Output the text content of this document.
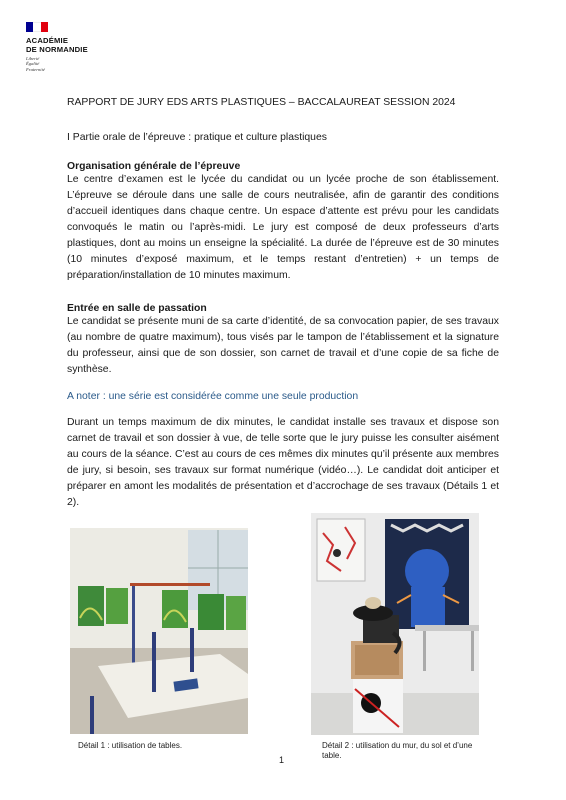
ACADÉMIE
DE NORMANDIE
Liberté
Égalité
Fraternité

RAPPORT DE JURY EDS ARTS PLASTIQUES – BACCALAUREAT SESSION 2024

I Partie orale de l’épreuve : pratique et culture plastiques

Organisation générale de l’épreuve

Le centre d’examen est le lycée du candidat ou un lycée proche de son établissement. L’épreuve se déroule dans une salle de cours neutralisée, afin de garantir des conditions d’accueil identiques dans chaque centre. Un espace d’attente est prévu pour les candidats convoqués le matin ou l’après-midi. Le jury est composé de deux professeurs d’arts plastiques, dont au moins un enseigne la spécialité. La durée de l’épreuve est de 30 minutes (10 minutes d’exposé maximum, et le temps restant d’entretien) + un temps de préparation/installation de 10 minutes maximum.

Entrée en salle de passation

Le candidat se présente muni de sa carte d’identité, de sa convocation papier, de ses travaux (au nombre de quatre maximum), tous visés par le tampon de l’établissement et la signature du professeur, ainsi que de son dossier, son carnet de travail et d’une copie de sa fiche de synthèse.

A noter : une série est considérée comme une seule production

Durant un temps maximum de dix minutes, le candidat installe ses travaux et dispose son carnet de travail et son dossier à vue, de telle sorte que le jury puisse les consulter aisément au cours de la séance. C’est au cours de ces mêmes dix minutes qu’il présente aux membres de jury, si besoin, ses travaux sur format numérique (vidéo…). Le candidat doit anticiper et préparer en amont les modalités de présentation et d’accrochage de ses travaux (Détails 1 et 2).

Détail 1 : utilisation de tables.	Détail 2 : utilisation du mur, du sol et d’une table.
1
